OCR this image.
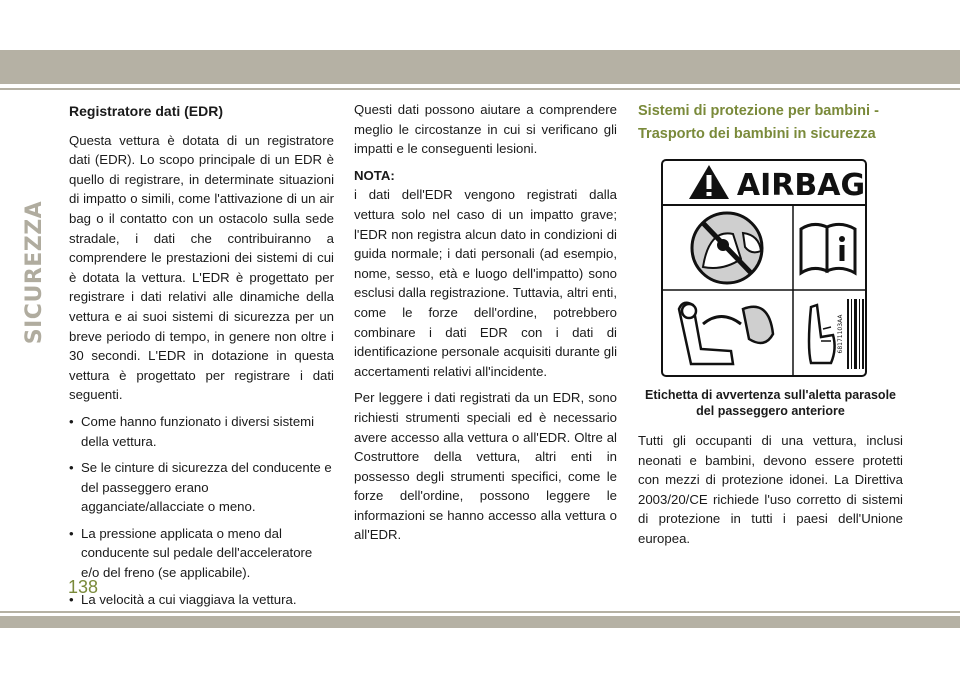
SICUREZZA
Registratore dati (EDR)

Questa vettura è dotata di un registratore dati (EDR). Lo scopo principale di un EDR è quello di registrare, in determinate situazioni di impatto o simili, come l'attivazione di un air bag o il contatto con un ostacolo sulla sede stradale, i dati che contribuiranno a comprendere le prestazioni dei sistemi di cui è dotata la vettura. L'EDR è progettato per registrare i dati relativi alle dinamiche della vettura e ai suoi sistemi di sicurezza per un breve periodo di tempo, in genere non oltre i 30 secondi. L'EDR in dotazione in questa vettura è progettato per registrare i dati seguenti.

• Come hanno funzionato i diversi sistemi della vettura.
• Se le cinture di sicurezza del conducente e del passeggero erano agganciate/allacciate o meno.
• La pressione applicata o meno dal conducente sul pedale dell'acceleratore e/o del freno (se applicabile).
• La velocità a cui viaggiava la vettura.

Questi dati possono aiutare a comprendere meglio le circostanze in cui si verificano gli impatti e le conseguenti lesioni.

NOTA:

i dati dell'EDR vengono registrati dalla vettura solo nel caso di un impatto grave; l'EDR non registra alcun dato in condizioni di guida normale; i dati personali (ad esempio, nome, sesso, età e luogo dell'impatto) sono esclusi dalla registrazione. Tuttavia, altri enti, come le forze dell'ordine, potrebbero combinare i dati EDR con i dati di identificazione personale acquisiti durante gli accertamenti relativi all'incidente.

Per leggere i dati registrati da un EDR, sono richiesti strumenti speciali ed è necessario avere accesso alla vettura o all'EDR. Oltre al Costruttore della vettura, altri enti in possesso degli strumenti specifici, come le forze dell'ordine, possono leggere le informazioni se hanno accesso alla vettura o all'EDR.

Sistemi di protezione per bambini - Trasporto dei bambini in sicurezza
AIRBAG
68171103AA
Etichetta di avvertenza sull'aletta parasole del passeggero anteriore

Tutti gli occupanti di una vettura, inclusi neonati e bambini, devono essere protetti con mezzi di protezione idonei. La Direttiva 2003/20/CE richiede l'uso corretto di sistemi di protezione in tutti i paesi dell'Unione europea.

138
